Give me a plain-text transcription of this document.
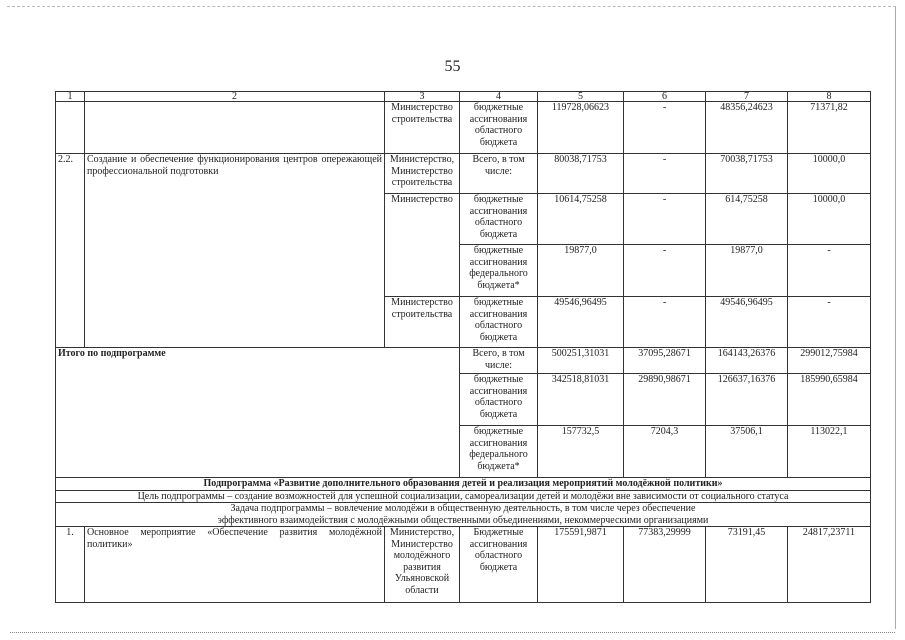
55
1	2	3	4	5	6	7	8
		Министерство строительства	бюджетные ассигнования областного бюджета	119728,06623	-	48356,24623	71371,82
2.2.	Создание и обеспечение функционирования центров опережающей профессиональной подготовки	Министерство, Министерство строительства	Всего, в том числе:	80038,71753	-	70038,71753	10000,0
		Министерство	бюджетные ассигнования областного бюджета	10614,75258	-	614,75258	10000,0
			бюджетные ассигнования федерального бюджета*	19877,0	-	19877,0	-
		Министерство строительства	бюджетные ассигнования областного бюджета	49546,96495	-	49546,96495	-
Итого по подпрограмме			Всего, в том числе:	500251,31031	37095,28671	164143,26376	299012,75984
			бюджетные ассигнования областного бюджета	342518,81031	29890,98671	126637,16376	185990,65984
			бюджетные ассигнования федерального бюджета*	157732,5	7204,3	37506,1	113022,1
Подпрограмма «Развитие дополнительного образования детей и реализация мероприятий молодёжной политики»							
Цель подпрограммы – создание возможностей для успешной социализации, самореализации детей и молодёжи вне зависимости от социального статуса							

Задача подпрограммы – вовлечение молодёжи в общественную деятельность, в том числе через обеспечение
эффективного взаимодействия с молодёжными общественными объединениями, некоммерческими организациями							

1.	Основное мероприятие «Обеспечение развития молодёжной политики»	Министерство, Министерство молодёжного развития Ульяновской области	Бюджетные ассигнования областного бюджета	175591,9871	77383,29999	73191,45	24817,23711
